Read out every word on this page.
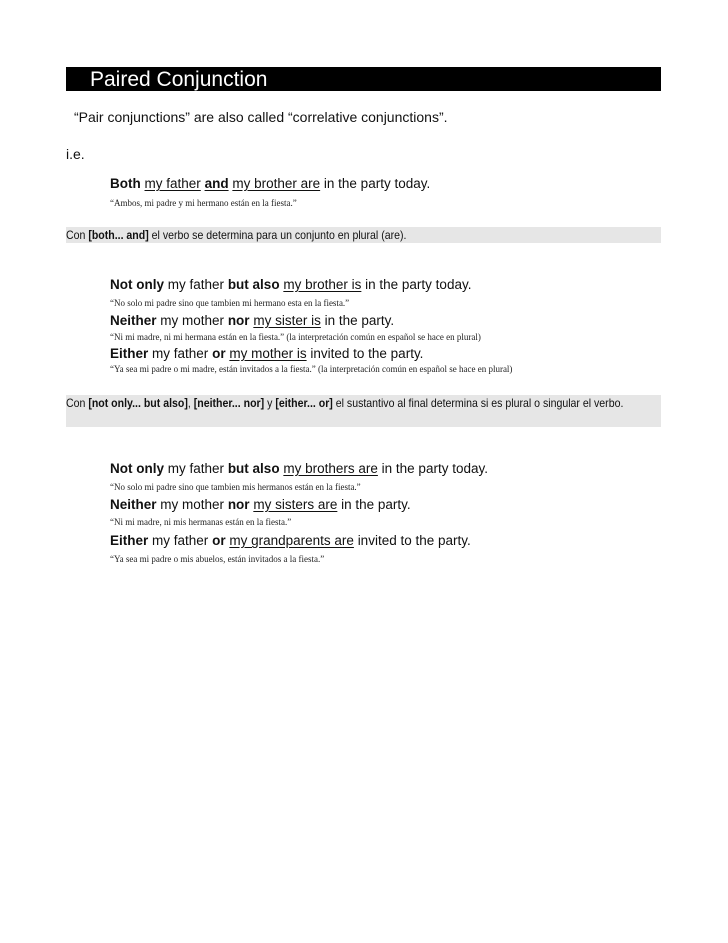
Paired Conjunction
“Pair conjunctions” are also called “correlative conjunctions”.
i.e.
Both my father and my brother are in the party today.
“Ambos, mi padre y mi hermano están en la fiesta.”
Con [both... and] el verbo se determina para un conjunto en plural (are).
Not only my father but also my brother is in the party today.
“No solo mi padre sino que tambien mi hermano esta en la fiesta.”
Neither my mother nor my sister is in the party.
“Ni mi madre, ni mi hermana están en la fiesta.” (la interpretación común en español se hace en plural)
Either my father or my mother is invited to the party.
“Ya sea mi padre o mi madre, están invitados a la fiesta.” (la interpretación común en español se hace en plural)
Con [not only... but also], [neither... nor] y [either... or] el sustantivo al final determina si es plural o singular el verbo.
Not only my father but also my brothers are in the party today.
“No solo mi padre sino que tambien mis hermanos están en la fiesta.”
Neither my mother nor my sisters are in the party.
“Ni mi madre, ni mis hermanas están en la fiesta.”
Either my father or my grandparents are invited to the party.
“Ya sea mi padre o mis abuelos, están invitados a la fiesta.”
